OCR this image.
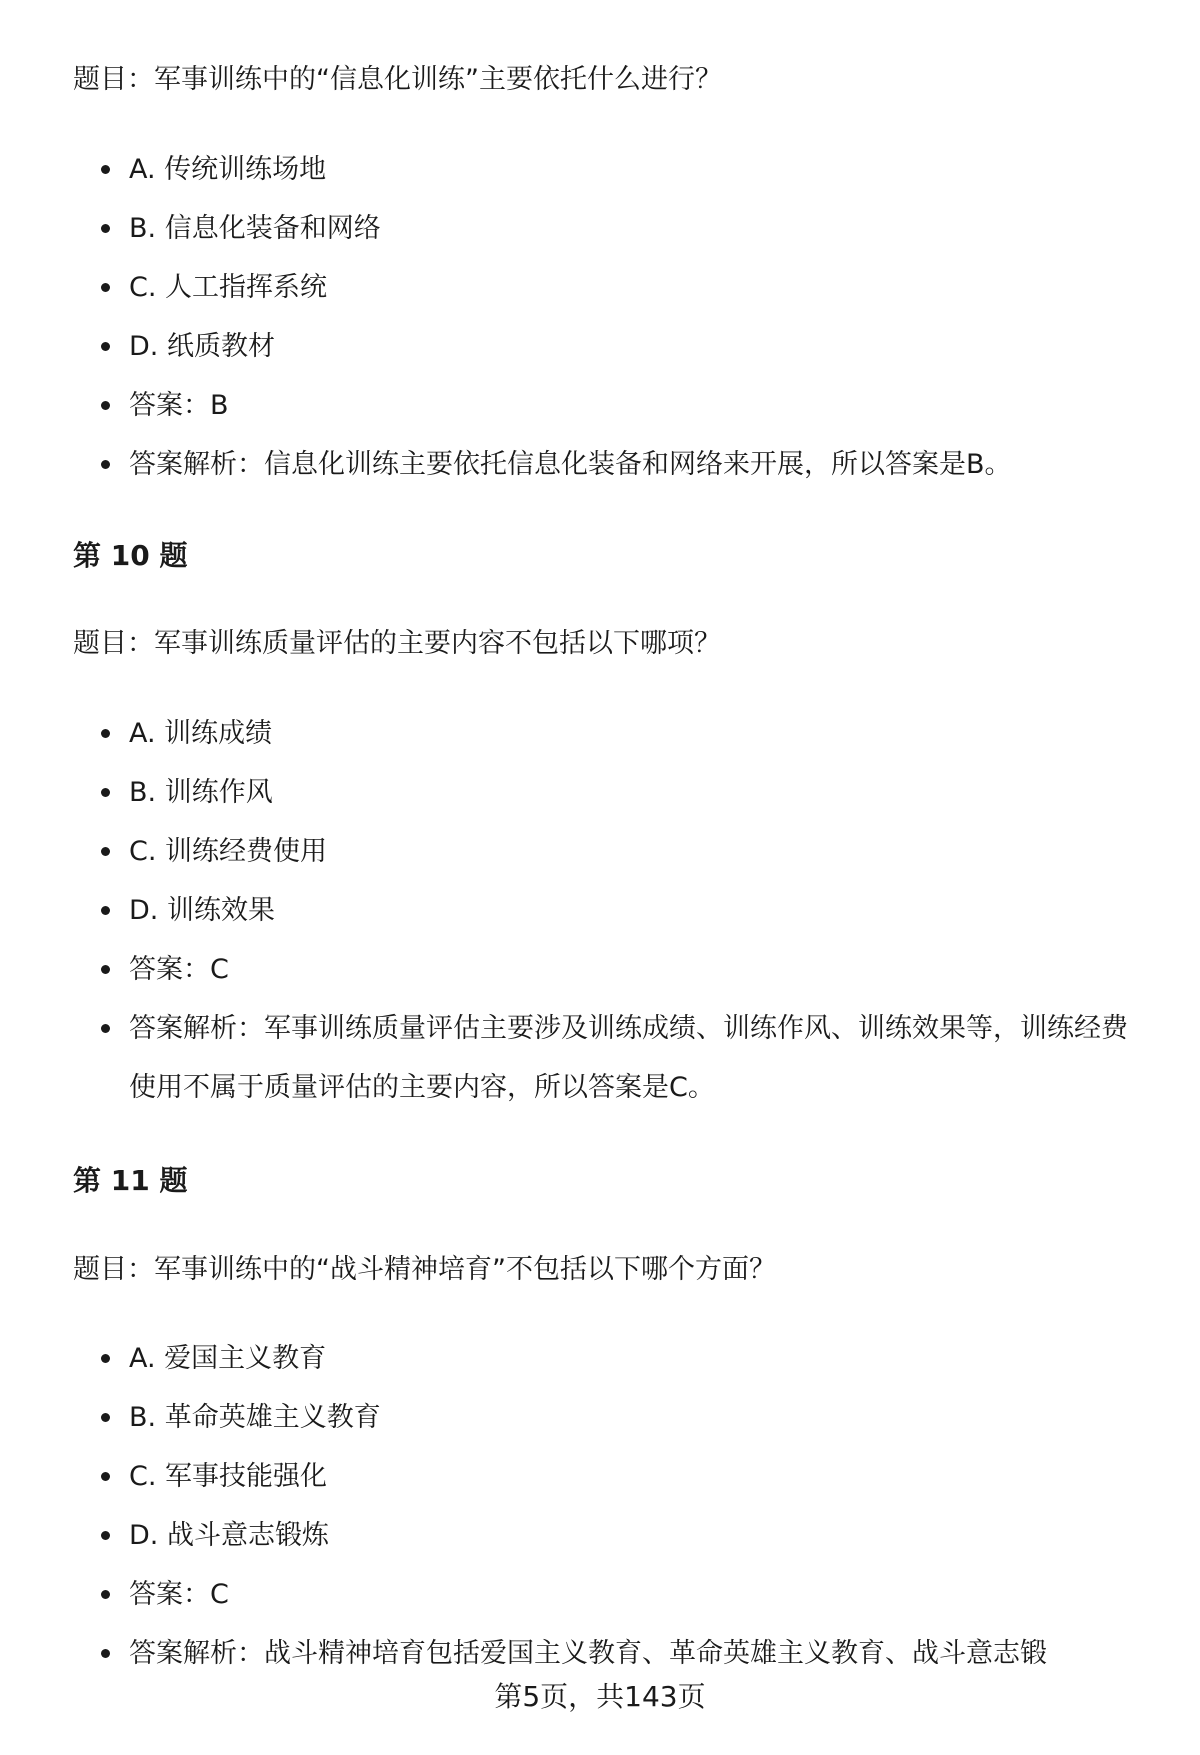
题目：军事训练中的“信息化训练”主要依托什么进行？

A. 传统训练场地
B. 信息化装备和网络
C. 人工指挥系统
D. 纸质教材
答案：B
答案解析：信息化训练主要依托信息化装备和网络来开展，所以答案是B。
第 10 题

题目：军事训练质量评估的主要内容不包括以下哪项？

A. 训练成绩
B. 训练作风
C. 训练经费使用
D. 训练效果
答案：C
答案解析：军事训练质量评估主要涉及训练成绩、训练作风、训练效果等，训练经费使用不属于质量评估的主要内容，所以答案是C。
第 11 题

题目：军事训练中的“战斗精神培育”不包括以下哪个方面？

A. 爱国主义教育
B. 革命英雄主义教育
C. 军事技能强化
D. 战斗意志锻炼
答案：C
答案解析：战斗精神培育包括爱国主义教育、革命英雄主义教育、战斗意志锻
第5页，共143页
